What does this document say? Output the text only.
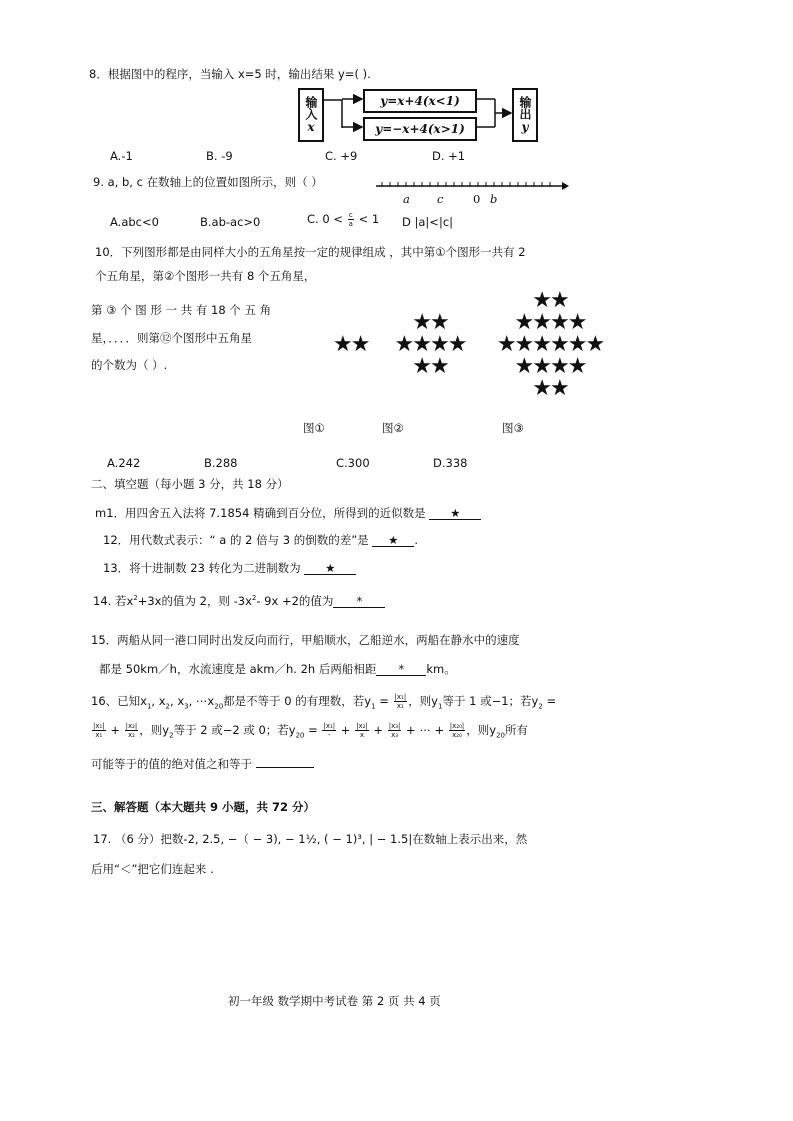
8．根据图中的程序，当输入 x=5 时，输出结果 y=( ).
输入
x
y=x+4(x<1)
y=−x+4(x>1)
输出
y
A.-1	B. -9	C. +9	D. +1
9. a, b, c 在数轴上的位置如图所示，则（ ）
a c	0 b
A.abc<0	B.ab-ac>0	C. $0 < \frac{c}{a} < 1$ D |a|<|c|
10．下列图形都是由同样大小的五角星按一定的规律组成 ，其中第①个图形一共有 2
个五角星，第②个图形一共有 8 个五角星，
第 ③ 个 图 形 一 共 有 18 个 五 角
星，．．．．则第⑫个图形中五角星
的个数为（ ）.
★★
★★
★★★★
★★
★★
★★★★
★★★★★★
★★★★
★★
图①	图②	图③
A.242	B.288	C.300	D.338
二、填空题（每小题 3 分，共 18 分）
m1．用四舍五入法将 7.1854 精确到百分位，所得到的近似数是 ★
12．用代数式表示：“ a 的 2 倍与 3 的倒数的差”是 ★ .
13．将十进制数 23 转化为二进制数为 ★
14. 若$x^2+3x$的值为 2，则 $-3x^2-$ 9x +2的值为 *
15．两船从同一港口同时出发反向而行，甲船顺水，乙船逆水，两船在静水中的速度
都是 50km／h，水流速度是 akm／h. 2h 后两船相距 * km。
16、已知$x_1$, $x_2$, $x_3$, $\cdots x_{20}$都是不等于 0 的有理数，若$y_1 = \frac{\text{|x₁|}}{\text{x₁}}$ ，则$y_1$等于 1 或−1；若$y_2$ =
$\frac{\text{|x₁|}}{\text{x₁}} + \frac{\text{|x₂|}}{\text{x₂}}$ ，则$y_2$等于 2 或−2 或 0；若$y_{20} = \frac{\text{|x₁|}}{-} + \frac{\text{|x₂|}}{x} + \frac{\text{|x₃|}}{\text{x₃}}$ + ⋯ + $\frac{\text{|x₂₀|}}{\text{x₂₀}}$ ，则$y_{20}$所有
可能等于的值的绝对值之和等于
三、解答题（本大题共 9 小题，共 72 分）
17. （6 分）把数-2, 2.5, −（ − 3), − 1½, ( − 1)³, | − 1.5|在数轴上表示出来，然
后用“＜”把它们连起来 .
初一年级 数学期中考试卷 第 2 页 共 4 页
